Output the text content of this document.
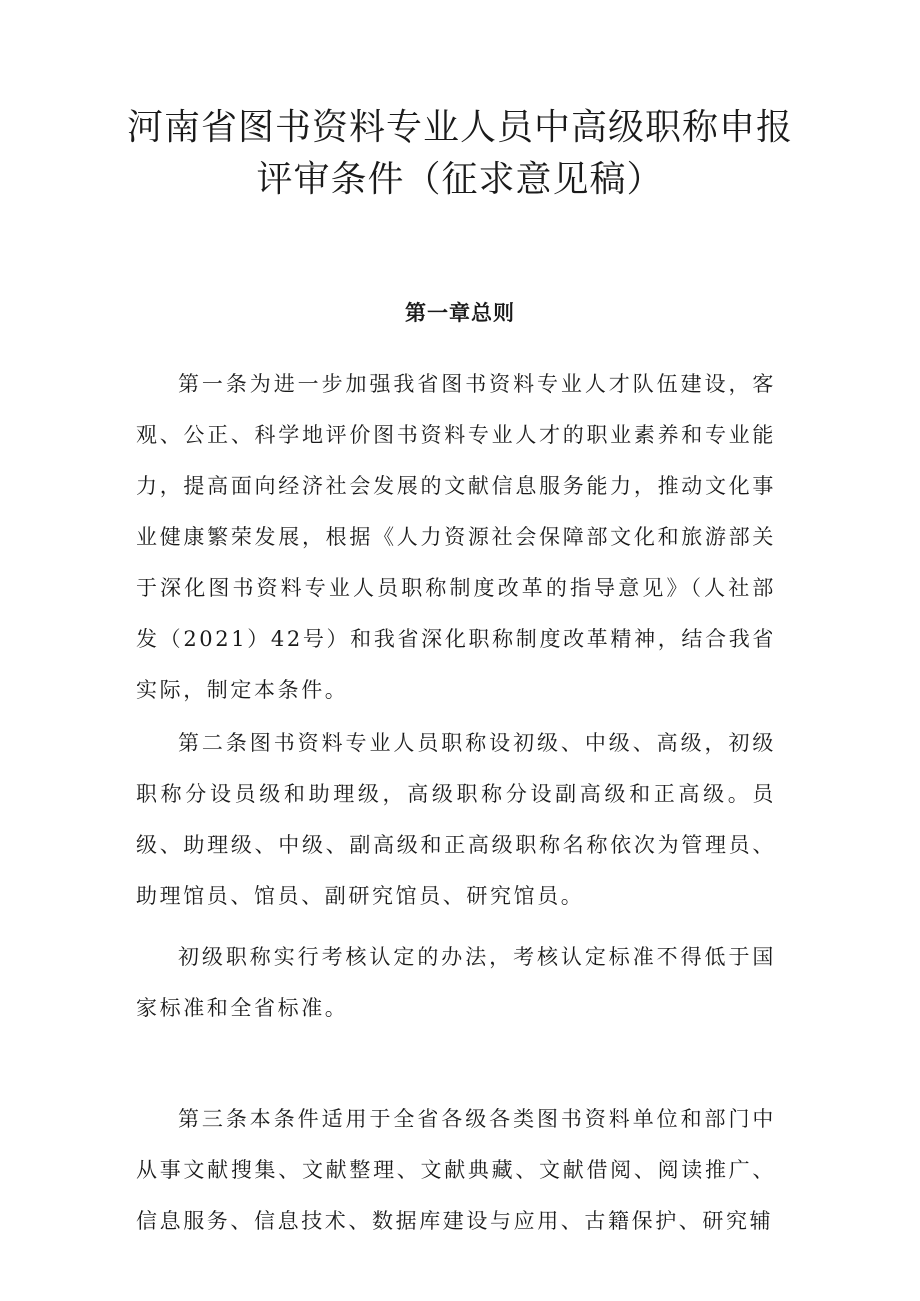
河南省图书资料专业人员中高级职称申报
评审条件（征求意见稿）
第一章总则

第一条为进一步加强我省图书资料专业人才队伍建设，客观、公正、科学地评价图书资料专业人才的职业素养和专业能力，提高面向经济社会发展的文献信息服务能力，推动文化事业健康繁荣发展，根据《人力资源社会保障部文化和旅游部关于深化图书资料专业人员职称制度改革的指导意见》（人社部发（2021）42号）和我省深化职称制度改革精神，结合我省实际，制定本条件。

第二条图书资料专业人员职称设初级、中级、高级，初级职称分设员级和助理级，高级职称分设副高级和正高级。员级、助理级、中级、副高级和正高级职称名称依次为管理员、助理馆员、馆员、副研究馆员、研究馆员。

初级职称实行考核认定的办法，考核认定标准不得低于国家标准和全省标准。

第三条本条件适用于全省各级各类图书资料单位和部门中从事文献搜集、文献整理、文献典藏、文献借阅、阅读推广、信息服务、信息技术、数据库建设与应用、古籍保护、研究辅
